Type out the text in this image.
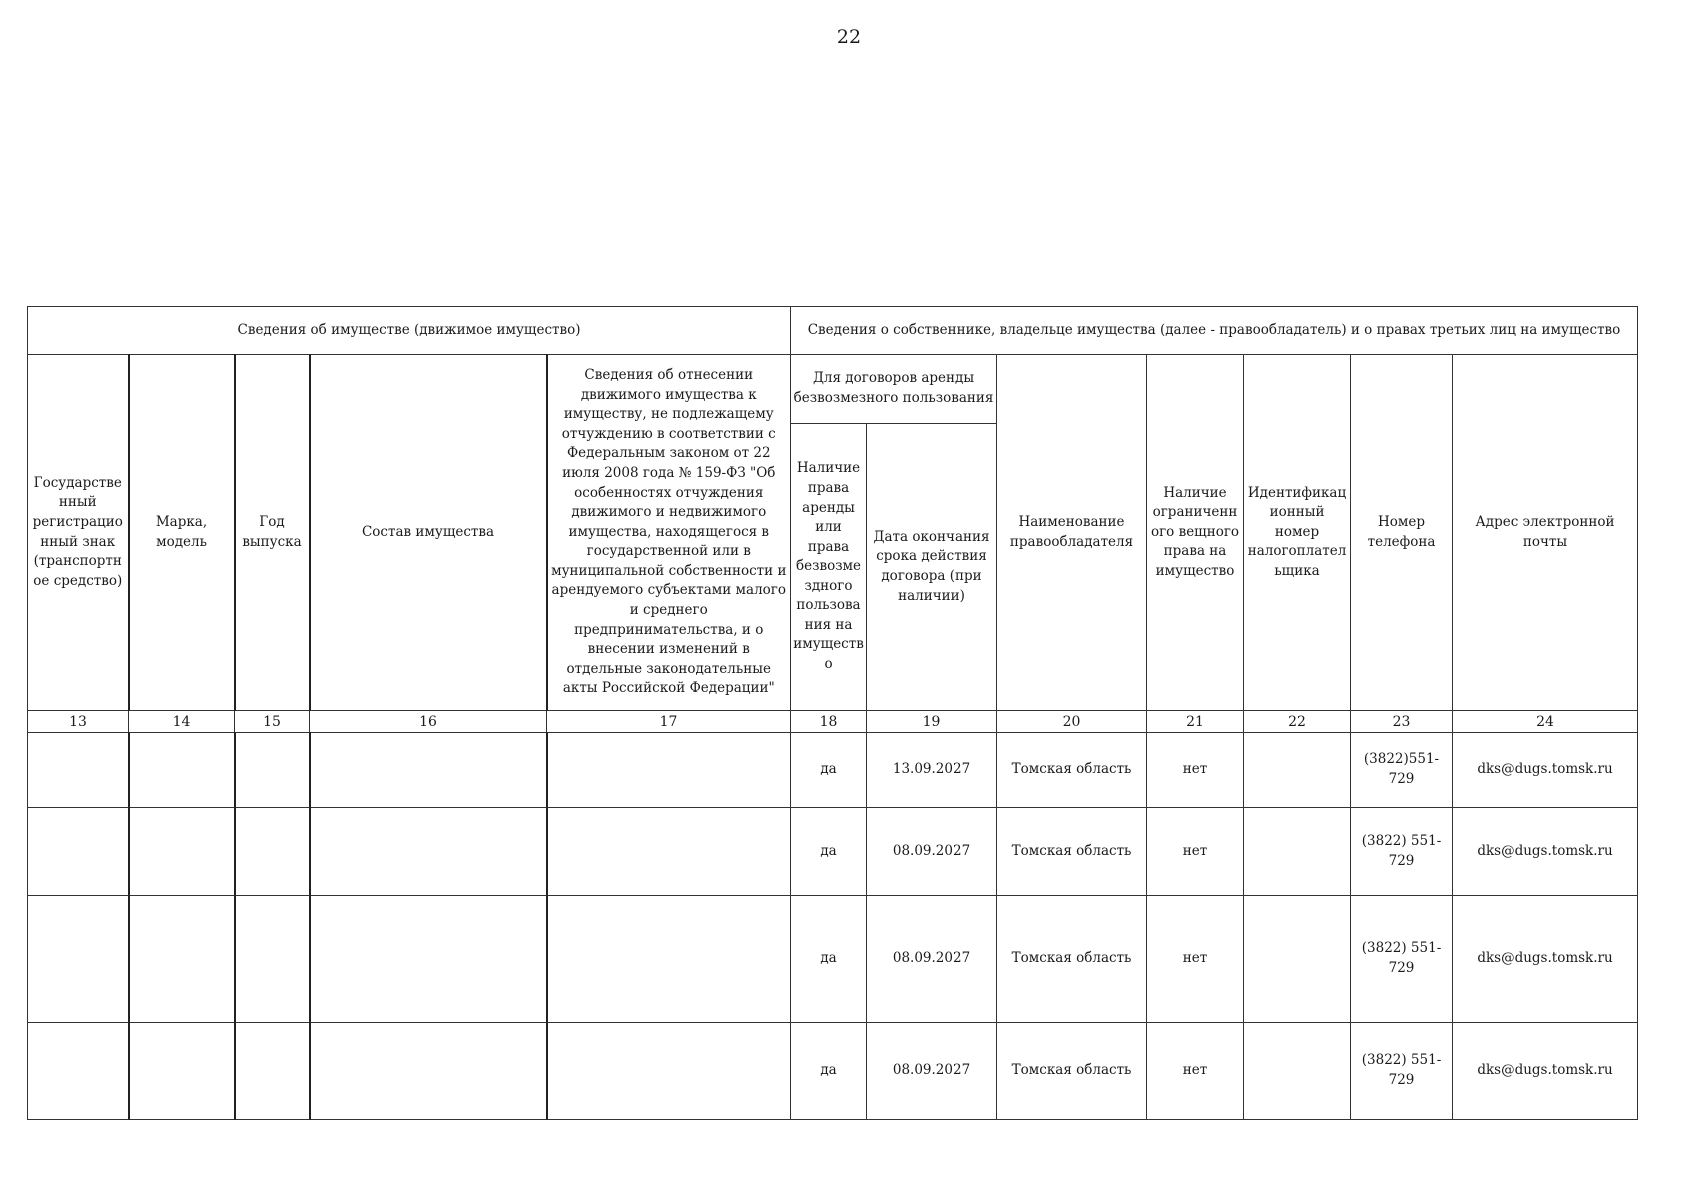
22
Сведения об имуществе (движимое имущество)					Сведения о собственнике, владельце имущества (далее - правообладатель) и о правах третьих лиц на имущество						
Государственный регистрационный знак (транспортное средство)	Марка, модель	Год выпуска	Состав имущества	Сведения об отнесении движимого имущества к имуществу, не подлежащему отчуждению в соответствии с Федеральным законом от 22 июля 2008 года № 159-ФЗ "Об особенностях отчуждения движимого и недвижимого имущества, находящегося в государственной или в муниципальной собственности и арендуемого субъектами малого и среднего предпринимательства, и о внесении изменений в отдельные законодательные акты Российской Федерации"	Для договоров аренды безвозмезного пользования		Наименование правообладателя	Наличие ограниченного вещного права на имущество	Идентификационный номер налогоплательщика	Номер телефона	Адрес электронной почты
					Наличие права аренды или права безвозмездного пользования на имущество	Дата окончания срока действия договора (при наличии)					
13	14	15	16	17	18	19	20	21	22	23	24
					да	13.09.2027	Томская область	нет		(3822)551-729	dks@dugs.tomsk.ru
					да	08.09.2027	Томская область	нет		(3822) 551-729	dks@dugs.tomsk.ru
					да	08.09.2027	Томская область	нет		(3822) 551-729	dks@dugs.tomsk.ru
					да	08.09.2027	Томская область	нет		(3822) 551-729	dks@dugs.tomsk.ru
